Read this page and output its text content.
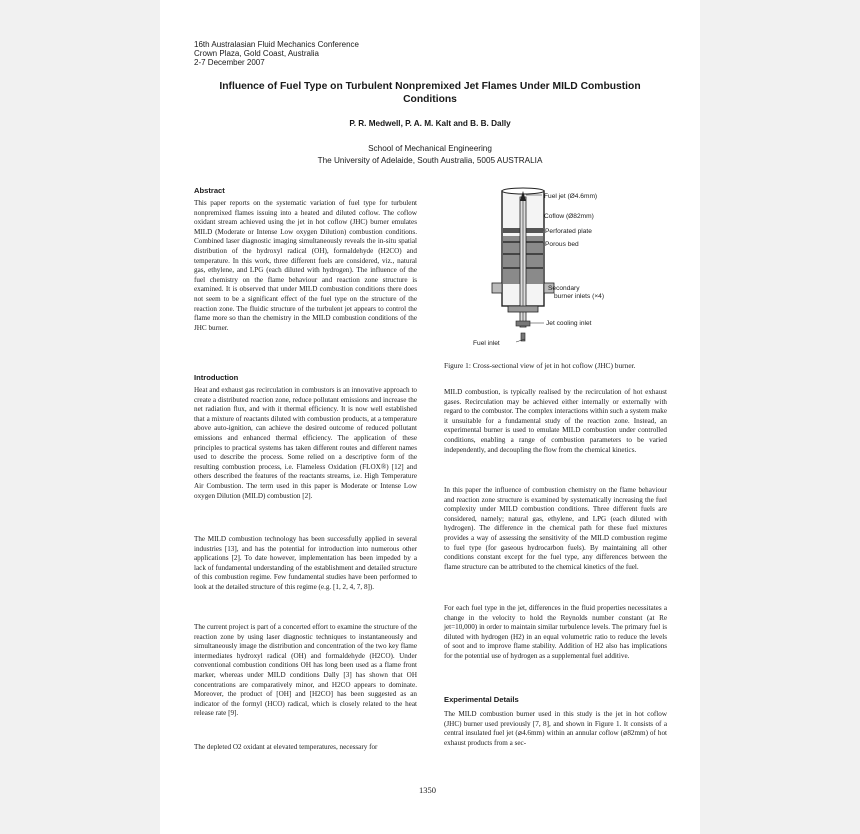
16th Australasian Fluid Mechanics Conference
Crown Plaza, Gold Coast, Australia
2-7 December 2007
Influence of Fuel Type on Turbulent Nonpremixed Jet Flames Under MILD Combustion
Conditions
P. R. Medwell, P. A. M. Kalt and B. B. Dally
School of Mechanical Engineering
The University of Adelaide, South Australia, 5005 AUSTRALIA
Abstract
This paper reports on the systematic variation of fuel type for turbulent nonpremixed flames issuing into a heated and diluted coflow. The coflow oxidant stream achieved using the jet in hot coflow (JHC) burner emulates MILD (Moderate or Intense Low oxygen Dilution) combustion conditions. Combined laser diagnostic imaging simultaneously reveals the in-situ spatial distribution of the hydroxyl radical (OH), formaldehyde (H2CO) and temperature. In this work, three different fuels are considered, viz., natural gas, ethylene, and LPG (each diluted with hydrogen). The influence of the fuel chemistry on the flame behaviour and reaction zone structure is examined. It is observed that under MILD combustion conditions there does not seem to be a significant effect of the fuel type on the structure of the reaction zone. The fluidic structure of the turbulent jet appears to control the flame more so than the chemistry in the MILD combustion conditions of the JHC burner.
Introduction
Heat and exhaust gas recirculation in combustors is an innovative approach to create a distributed reaction zone, reduce pollutant emissions and increase the net radiation flux, and with it thermal efficiency. It is now well established that a mixture of reactants diluted with combustion products, at a temperature above auto-ignition, can achieve the desired outcome of reduced pollutant emissions and enhanced thermal efficiency. The application of these principles to practical systems has taken different routes and different names used to describe the process. Some relied on a descriptive form of the resulting combustion process, i.e. Flameless Oxidation (FLOX®) [12] and others described the features of the reactants streams, i.e. High Temperature Air Combustion. The term used in this paper is Moderate or Intense Low oxygen Dilution (MILD) combustion [2].
The MILD combustion technology has been successfully applied in several industries [13], and has the potential for introduction into numerous other applications [2]. To date however, implementation has been impeded by a lack of fundamental understanding of the establishment and detailed structure of this combustion regime. Few fundamental studies have been performed to look at the detailed structure of this regime (e.g. [1, 2, 4, 7, 8]).
The current project is part of a concerted effort to examine the structure of the reaction zone by using laser diagnostic techniques to instantaneously and simultaneously image the distribution and concentration of the two key flame intermediates hydroxyl radical (OH) and formaldehyde (H2CO). Under conventional combustion conditions OH has long been used as a flame front marker, whereas under MILD conditions Dally [3] has shown that OH concentrations are comparatively minor, and H2CO appears to dominate. Moreover, the product of [OH] and [H2CO] has been suggested as an indicator of the formyl (HCO) radical, which is closely related to the heat release rate [9].
The depleted O2 oxidant at elevated temperatures, necessary for
Fuel jet (Ø4.6mm)
Coflow (Ø82mm)
Perforated plate
Porous bed
Secondary
burner inlets (×4)
Jet cooling inlet
Fuel inlet
Figure 1: Cross-sectional view of jet in hot coflow (JHC) burner.
MILD combustion, is typically realised by the recirculation of hot exhaust gases. Recirculation may be achieved either internally or externally with regard to the combustor. The complex interactions within such a system make it unsuitable for a fundamental study of the reaction zone. Instead, an experimental burner is used to emulate MILD combustion under controlled conditions, enabling a range of combustion parameters to be varied independently, and decoupling the flow from the chemical kinetics.
In this paper the influence of combustion chemistry on the flame behaviour and reaction zone structure is examined by systematically increasing the fuel complexity under MILD combustion conditions. Three different fuels are considered, namely; natural gas, ethylene, and LPG (each diluted with hydrogen). The difference in the chemical path for these fuel mixtures provides a way of assessing the sensitivity of the MILD combustion regime to fuel type (for gaseous hydrocarbon fuels). By maintaining all other conditions constant except for the fuel type, any differences between the flame structure can be attributed to the chemical kinetics of the fuel.
For each fuel type in the jet, differences in the fluid properties necessitates a change in the velocity to hold the Reynolds number constant (at Re jet=10,000) in order to maintain similar turbulence levels. The primary fuel is diluted with hydrogen (H2) in an equal volumetric ratio to reduce the levels of soot and to improve flame stability. Addition of H2 also has implications for the potential use of hydrogen as a supplemental fuel additive.
Experimental Details
The MILD combustion burner used in this study is the jet in hot coflow (JHC) burner used previously [7, 8], and shown in Figure 1. It consists of a central insulated fuel jet (⌀4.6mm) within an annular coflow (⌀82mm) of hot exhaust products from a sec-
1350
